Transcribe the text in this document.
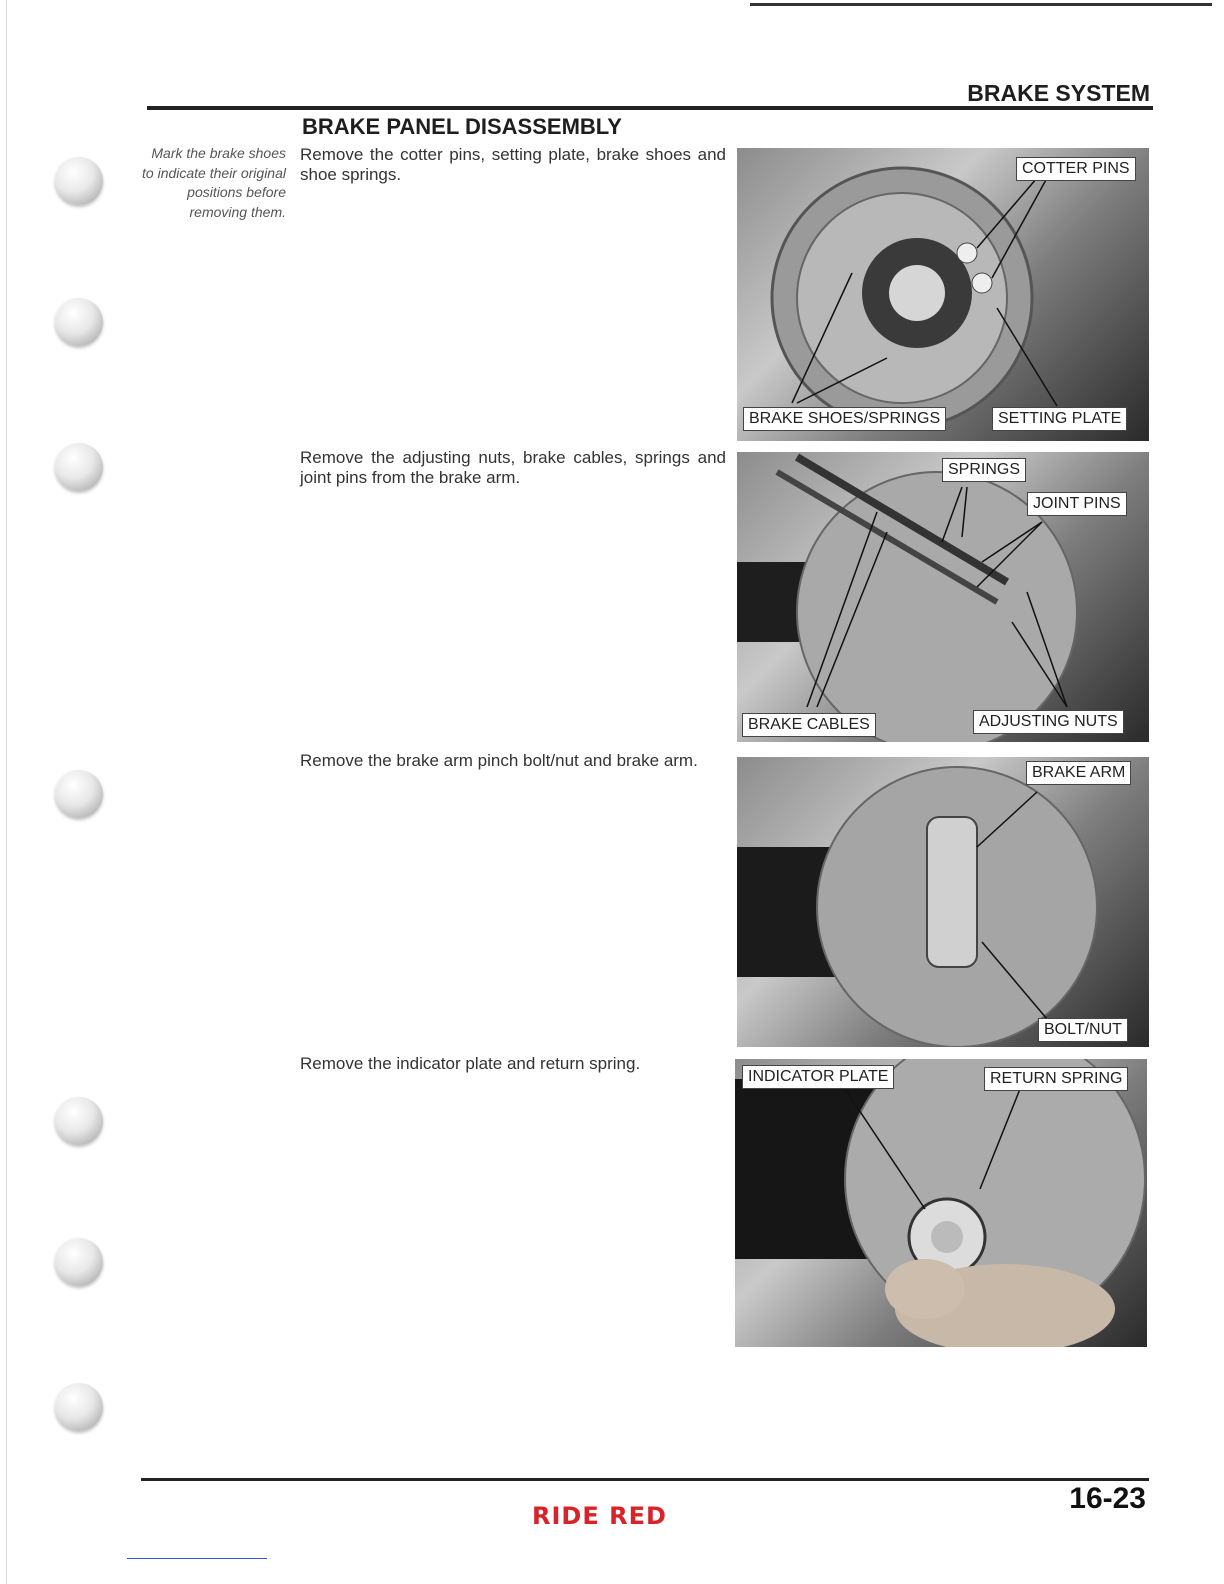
BRAKE SYSTEM
BRAKE PANEL DISASSEMBLY
Mark the brake shoes to indicate their original positions before removing them.
Remove the cotter pins, setting plate, brake shoes and shoe springs.	COTTER PINS
BRAKE SHOES/SPRINGS	SETTING PLATE
Remove the adjusting nuts, brake cables, springs and joint pins from the brake arm.	SPRINGS
JOINT PINS
BRAKE CABLES	ADJUSTING NUTS
Remove the brake arm pinch bolt/nut and brake arm.
BRAKE ARM
BOLT/NUT
Remove the indicator plate and return spring.
INDICATOR PLATE	RETURN SPRING
16-23
RIDE RED
